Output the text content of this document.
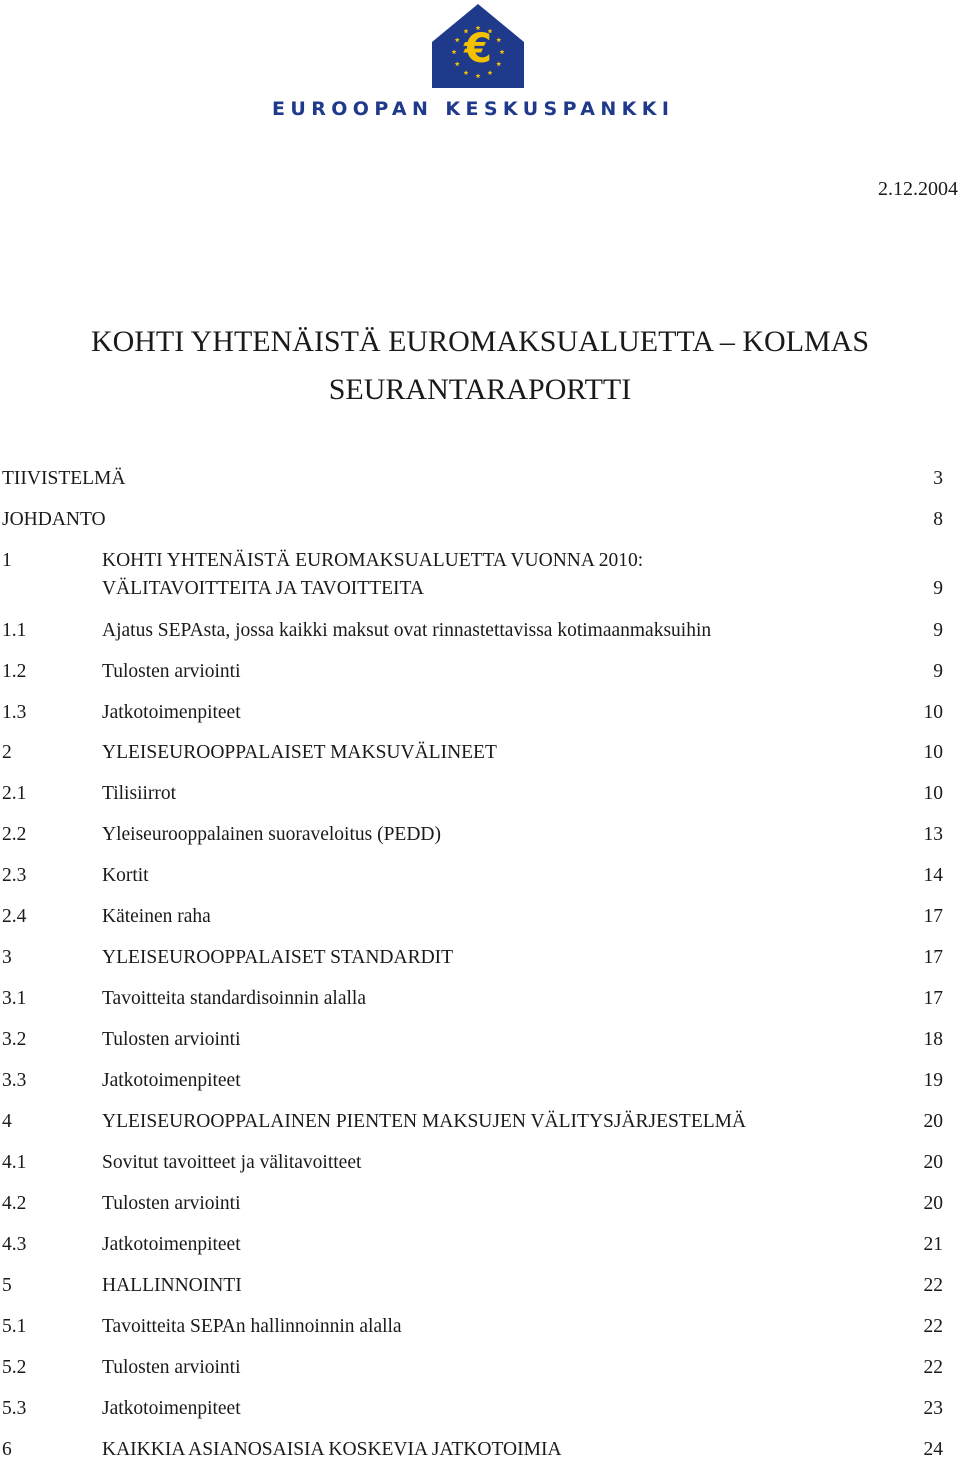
€
EUROOPAN KESKUSPANKKI
2.12.2004
KOHTI YHTENÄISTÄ EUROMAKSUALUETTA – KOLMAS
SEURANTARAPORTTI
TIIVISTELMÄ	3
JOHDANTO	8
1	KOHTI YHTENÄISTÄ EUROMAKSUALUETTA VUONNA 2010:
VÄLITAVOITTEITA JA TAVOITTEITA	9
1.1	Ajatus SEPAsta, jossa kaikki maksut ovat rinnastettavissa kotimaanmaksuihin	9
1.2	Tulosten arviointi	9
1.3	Jatkotoimenpiteet	10
2	YLEISEUROOPPALAISET MAKSUVÄLINEET	10
2.1	Tilisiirrot	10
2.2	Yleiseurooppalainen suoraveloitus (PEDD)	13
2.3	Kortit	14
2.4	Käteinen raha	17
3	YLEISEUROOPPALAISET STANDARDIT	17
3.1	Tavoitteita standardisoinnin alalla	17
3.2	Tulosten arviointi	18
3.3	Jatkotoimenpiteet	19
4	YLEISEUROOPPALAINEN PIENTEN MAKSUJEN VÄLITYSJÄRJESTELMÄ	20
4.1	Sovitut tavoitteet ja välitavoitteet	20
4.2	Tulosten arviointi	20
4.3	Jatkotoimenpiteet	21
5	HALLINNOINTI	22
5.1	Tavoitteita SEPAn hallinnoinnin alalla	22
5.2	Tulosten arviointi	22
5.3	Jatkotoimenpiteet	23
6	KAIKKIA ASIANOSAISIA KOSKEVIA JATKOTOIMIA	24
